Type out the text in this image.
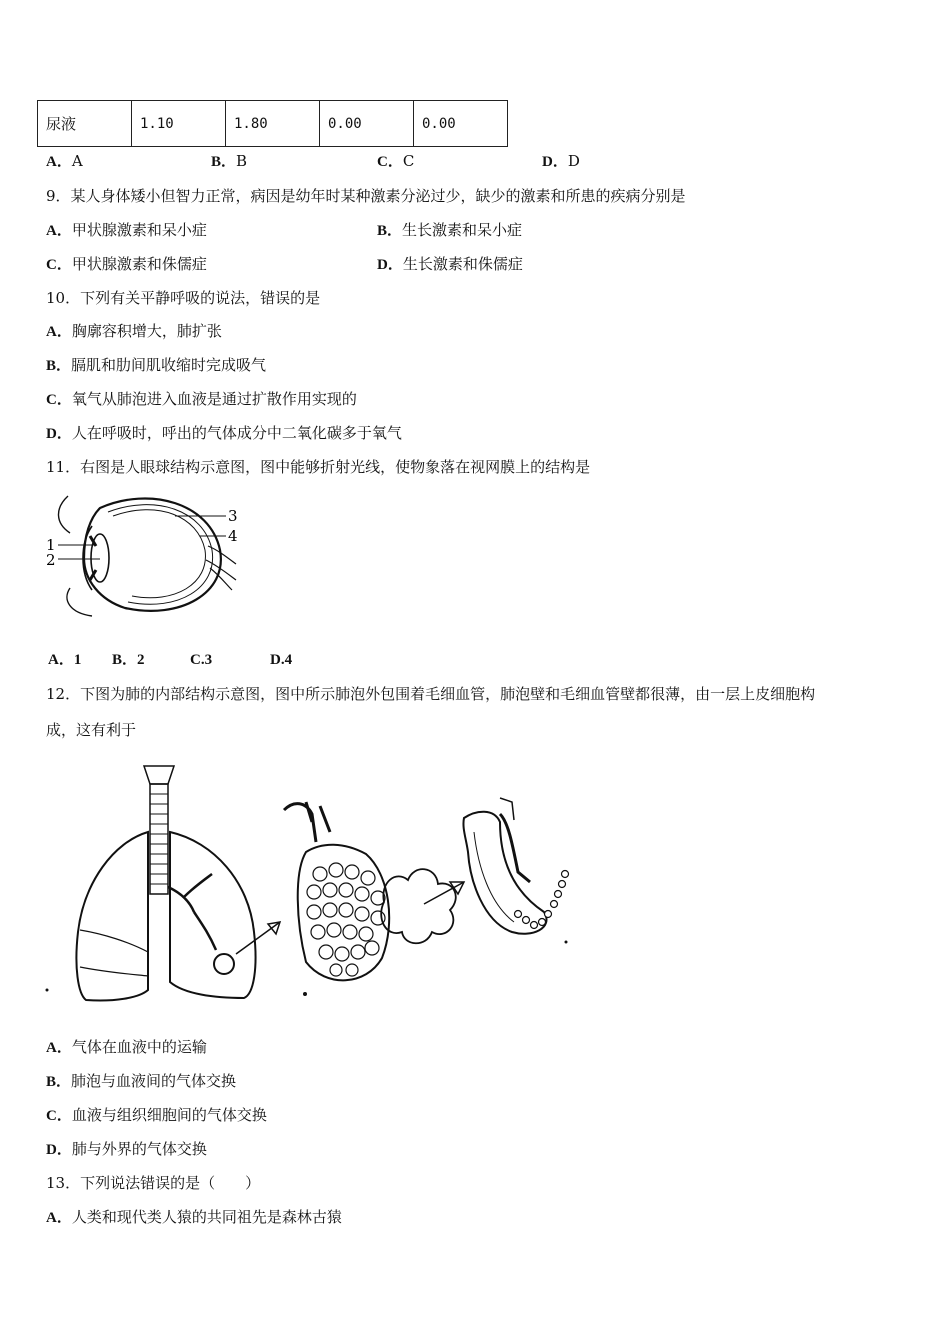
尿液	1.10	1.80	0.00	0.00
A．A	B．B	C．C	D．D
9．某人身体矮小但智力正常，病因是幼年时某种激素分泌过少，缺少的激素和所患的疾病分别是
A．甲状腺激素和呆小症	B．生长激素和呆小症
C．甲状腺激素和侏儒症	D．生长激素和侏儒症
10．下列有关平静呼吸的说法，错误的是
A．胸廓容积增大，肺扩张
B．膈肌和肋间肌收缩时完成吸气
C．氧气从肺泡进入血液是通过扩散作用实现的
D．人在呼吸时，呼出的气体成分中二氧化碳多于氧气
11．右图是人眼球结构示意图，图中能够折射光线，使物象落在视网膜上的结构是
1
2
3
4
A．1 B．2	C.3	D.4
12．下图为肺的内部结构示意图，图中所示肺泡外包围着毛细血管，肺泡壁和毛细血管壁都很薄，由一层上皮细胞构
成，这有利于
A．气体在血液中的运输
B．肺泡与血液间的气体交换
C．血液与组织细胞间的气体交换
D．肺与外界的气体交换
13．下列说法错误的是（　　）
A．人类和现代类人猿的共同祖先是森林古猿
